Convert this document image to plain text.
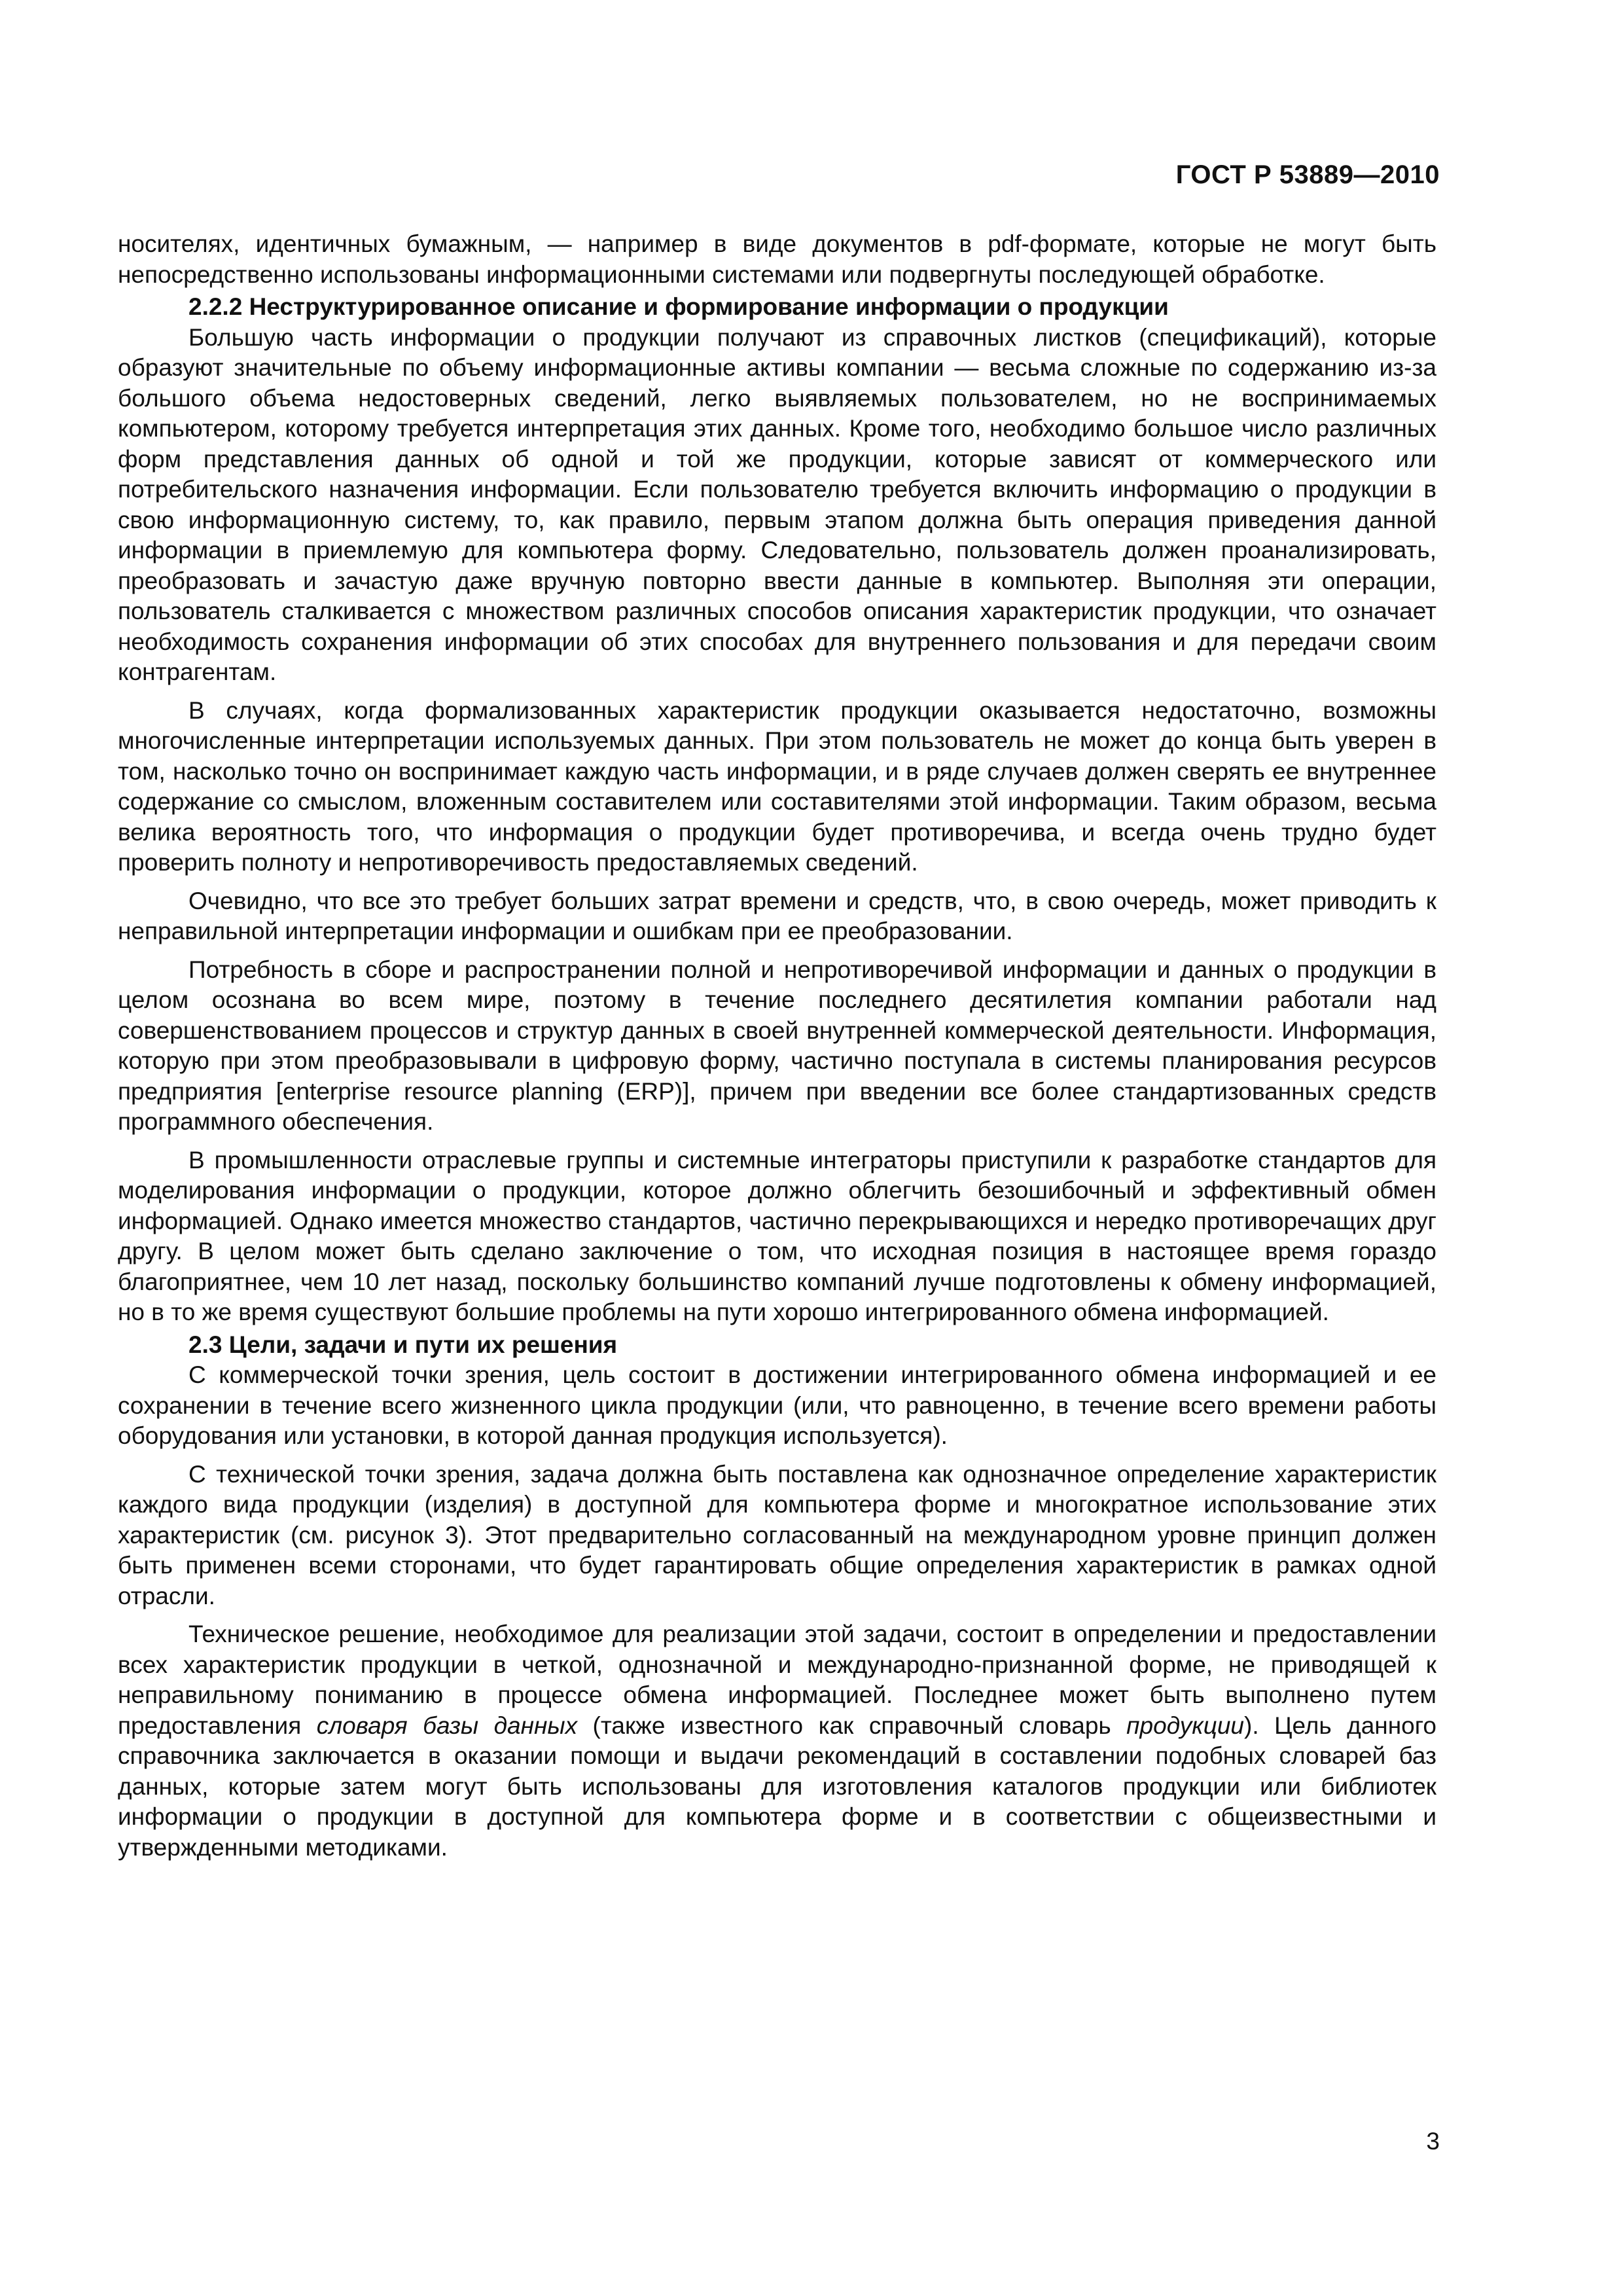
ГОСТ Р 53889—2010

носителях, идентичных бумажным, — например в виде документов в pdf-формате, которые не могут быть непосредственно использованы информационными системами или подвергнуты последующей обработке.

2.2.2 Неструктурированное описание и формирование информации о продукции

Большую часть информации о продукции получают из справочных листков (спецификаций), которые образуют значительные по объему информационные активы компании — весьма сложные по содержанию из-за большого объема недостоверных сведений, легко выявляемых пользователем, но не воспринимаемых компьютером, которому требуется интерпретация этих данных. Кроме того, необходимо большое число различных форм представления данных об одной и той же продукции, которые зависят от коммерческого или потребительского назначения информации. Если пользователю требуется включить информацию о продукции в свою информационную систему, то, как правило, первым этапом должна быть операция приведения данной информации в приемлемую для компьютера форму. Следовательно, пользователь должен проанализировать, преобразовать и зачастую даже вручную повторно ввести данные в компьютер. Выполняя эти операции, пользователь сталкивается с множеством различных способов описания характеристик продукции, что означает необходимость сохранения информации об этих способах для внутреннего пользования и для передачи своим контрагентам.

В случаях, когда формализованных характеристик продукции оказывается недостаточно, возможны многочисленные интерпретации используемых данных. При этом пользователь не может до конца быть уверен в том, насколько точно он воспринимает каждую часть информации, и в ряде случаев должен сверять ее внутреннее содержание со смыслом, вложенным составителем или составителями этой информации. Таким образом, весьма велика вероятность того, что информация о продукции будет противоречива, и всегда очень трудно будет проверить полноту и непротиворечивость предоставляемых сведений.

Очевидно, что все это требует больших затрат времени и средств, что, в свою очередь, может приводить к неправильной интерпретации информации и ошибкам при ее преобразовании.

Потребность в сборе и распространении полной и непротиворечивой информации и данных о продукции в целом осознана во всем мире, поэтому в течение последнего десятилетия компании работали над совершенствованием процессов и структур данных в своей внутренней коммерческой деятельности. Информация, которую при этом преобразовывали в цифровую форму, частично поступала в системы планирования ресурсов предприятия [enterprise resource planning (ERP)], причем при введении все более стандартизованных средств программного обеспечения.

В промышленности отраслевые группы и системные интеграторы приступили к разработке стандартов для моделирования информации о продукции, которое должно облегчить безошибочный и эффективный обмен информацией. Однако имеется множество стандартов, частично перекрывающихся и нередко противоречащих друг другу. В целом может быть сделано заключение о том, что исходная позиция в настоящее время гораздо благоприятнее, чем 10 лет назад, поскольку большинство компаний лучше подготовлены к обмену информацией, но в то же время существуют большие проблемы на пути хорошо интегрированного обмена информацией.

2.3 Цели, задачи и пути их решения

С коммерческой точки зрения, цель состоит в достижении интегрированного обмена информацией и ее сохранении в течение всего жизненного цикла продукции (или, что равноценно, в течение всего времени работы оборудования или установки, в которой данная продукция используется).

С технической точки зрения, задача должна быть поставлена как однозначное определение характеристик каждого вида продукции (изделия) в доступной для компьютера форме и многократное использование этих характеристик (см. рисунок 3). Этот предварительно согласованный на международном уровне принцип должен быть применен всеми сторонами, что будет гарантировать общие определения характеристик в рамках одной отрасли.

Техническое решение, необходимое для реализации этой задачи, состоит в определении и предоставлении всех характеристик продукции в четкой, однозначной и международно-признанной форме, не приводящей к неправильному пониманию в процессе обмена информацией. Последнее может быть выполнено путем предоставления словаря базы данных (также известного как справочный словарь продукции). Цель данного справочника заключается в оказании помощи и выдачи рекомендаций в составлении подобных словарей баз данных, которые затем могут быть использованы для изготовления каталогов продукции или библиотек информации о продукции в доступной для компьютера форме и в соответствии с общеизвестными и утвержденными методиками.

3
